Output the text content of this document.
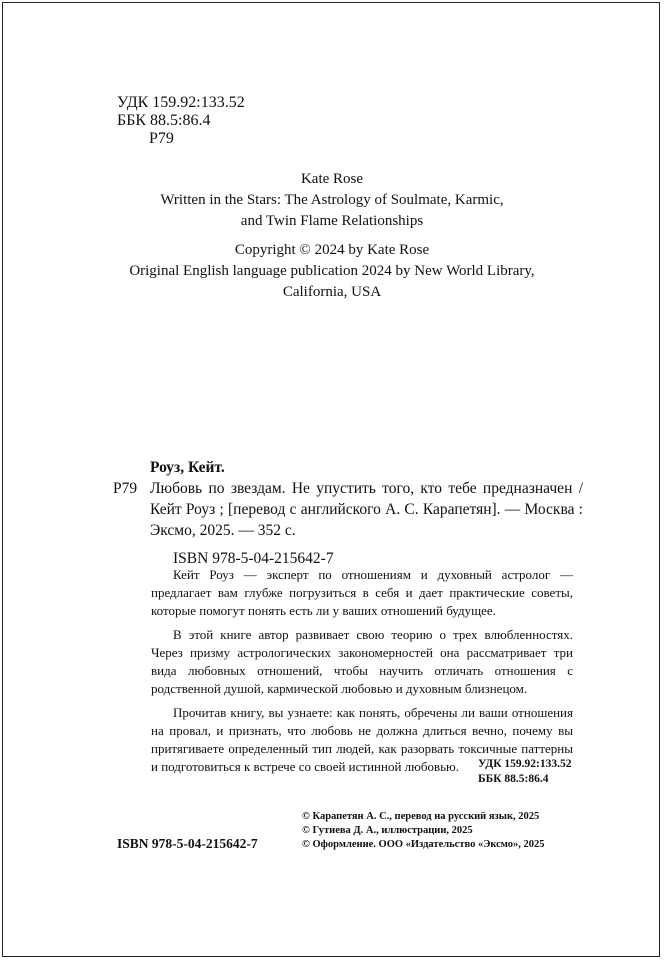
УДК 159.92:133.52
ББК 88.5:86.4
Р79
Kate Rose
Written in the Stars: The Astrology of Soulmate, Karmic,
and Twin Flame Relationships
Copyright © 2024 by Kate Rose
Original English language publication 2024 by New World Library,
California, USA
Роуз, Кейт.
Р79 Любовь по звездам. Не упустить того, кто тебе предназначен / Кейт Роуз ; [перевод с английского А. С. Карапетян]. — Москва : Эксмо, 2025. — 352 с.
ISBN 978-5-04-215642-7

Кейт Роуз — эксперт по отношениям и духовный астролог — предлагает вам глубже погрузиться в себя и дает практические советы, которые помогут понять есть ли у ваших отношений будущее.

В этой книге автор развивает свою теорию о трех влюбленностях. Через призму астрологических закономерностей она рассматривает три вида любовных отношений, чтобы научить отличать отношения с родственной душой, кармической любовью и духовным близнецом.

Прочитав книгу, вы узнаете: как понять, обречены ли ваши отношения на провал, и признать, что любовь не должна длиться вечно, почему вы притягиваете определенный тип людей, как разорвать токсичные паттерны и подготовиться к встрече со своей истинной любовью.	УДК 159.92:133.52
ББК 88.5:86.4
© Карапетян А. С., перевод на русский язык, 2025
© Гутиева Д. А., иллюстрации, 2025
© Оформление. ООО «Издательство «Эксмо», 2025
ISBN 978-5-04-215642-7
